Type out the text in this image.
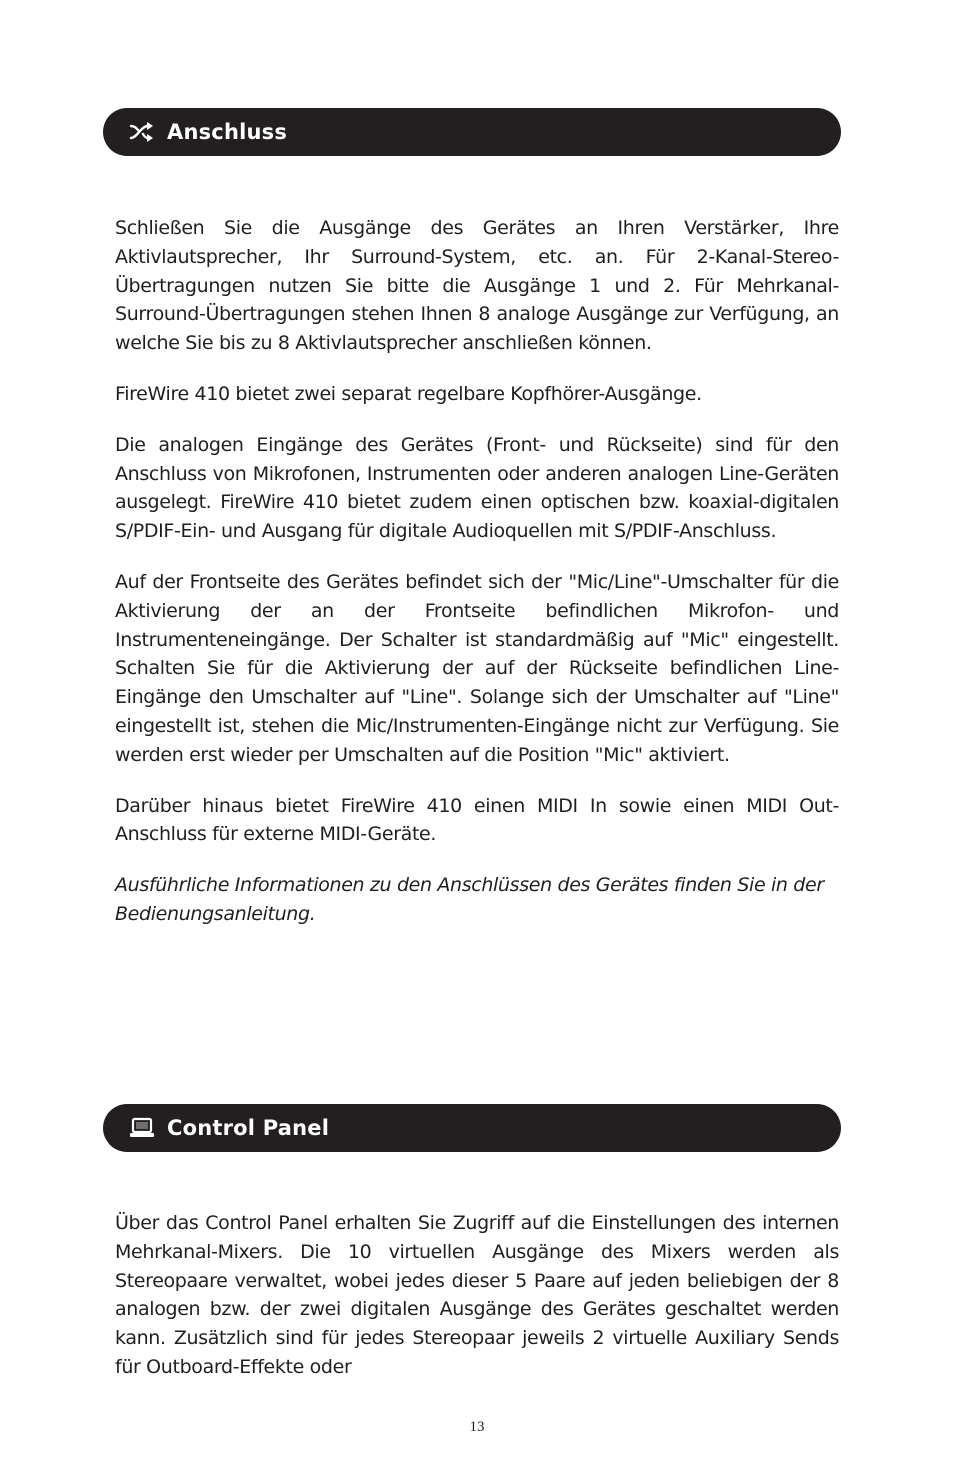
Anschluss

Schließen Sie die Ausgänge des Gerätes an Ihren Verstärker, Ihre Aktivlautsprecher, Ihr Surround-System, etc. an. Für 2-Kanal-Stereo-Übertragungen nutzen Sie bitte die Ausgänge 1 und 2. Für Mehrkanal-Surround-Übertragungen stehen Ihnen 8 analoge Ausgänge zur Verfügung, an welche Sie bis zu 8 Aktivlautsprecher anschließen können.

FireWire 410 bietet zwei separat regelbare Kopfhörer-Ausgänge.

Die analogen Eingänge des Gerätes (Front- und Rückseite) sind für den Anschluss von Mikrofonen, Instrumenten oder anderen analogen Line-Geräten ausgelegt. FireWire 410 bietet zudem einen optischen bzw. koaxial-digitalen S/PDIF-Ein- und Ausgang für digitale Audioquellen mit S/PDIF-Anschluss.

Auf der Frontseite des Gerätes befindet sich der "Mic/Line"-Umschalter für die Aktivierung der an der Frontseite befindlichen Mikrofon- und Instrumenteneingänge. Der Schalter ist standardmäßig auf "Mic" eingestellt. Schalten Sie für die Aktivierung der auf der Rückseite befindlichen Line-Eingänge den Umschalter auf "Line". Solange sich der Umschalter auf "Line" eingestellt ist, stehen die Mic/Instrumenten-Eingänge nicht zur Verfügung. Sie werden erst wieder per Umschalten auf die Position "Mic" aktiviert.

Darüber hinaus bietet FireWire 410 einen MIDI In sowie einen MIDI Out-Anschluss für externe MIDI-Geräte.

Ausführliche Informationen zu den Anschlüssen des Gerätes finden Sie in der Bedienungsanleitung.

Control Panel

Über das Control Panel erhalten Sie Zugriff auf die Einstellungen des internen Mehrkanal-Mixers. Die 10 virtuellen Ausgänge des Mixers werden als Stereopaare verwaltet, wobei jedes dieser 5 Paare auf jeden beliebigen der 8 analogen bzw. der zwei digitalen Ausgänge des Gerätes geschaltet werden kann. Zusätzlich sind für jedes Stereopaar jeweils 2 virtuelle Auxiliary Sends für Outboard-Effekte oder

13
